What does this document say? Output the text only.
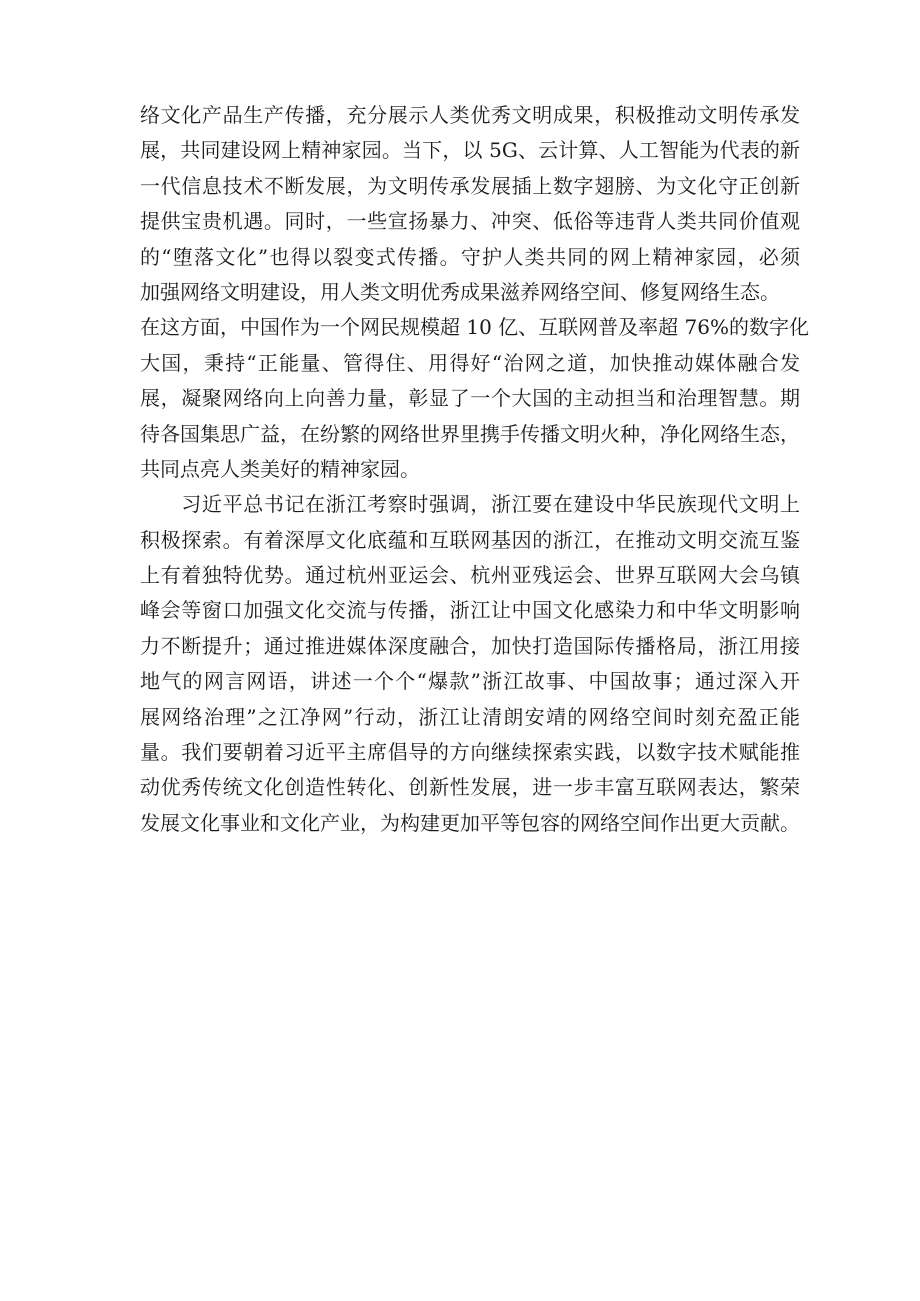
络文化产品生产传播，充分展示人类优秀文明成果，积极推动文明传承发
展，共同建设网上精神家园。当下，以 5G、云计算、人工智能为代表的新
一代信息技术不断发展，为文明传承发展插上数字翅膀、为文化守正创新
提供宝贵机遇。同时，一些宣扬暴力、冲突、低俗等违背人类共同价值观
的“堕落文化”也得以裂变式传播。守护人类共同的网上精神家园，必须
加强网络文明建设，用人类文明优秀成果滋养网络空间、修复网络生态。
在这方面，中国作为一个网民规模超 10 亿、互联网普及率超 76%的数字化
大国，秉持“正能量、管得住、用得好“治网之道，加快推动媒体融合发
展，凝聚网络向上向善力量，彰显了一个大国的主动担当和治理智慧。期
待各国集思广益，在纷繁的网络世界里携手传播文明火种，净化网络生态，
共同点亮人类美好的精神家园。
　　习近平总书记在浙江考察时强调，浙江要在建设中华民族现代文明上
积极探索。有着深厚文化底蕴和互联网基因的浙江，在推动文明交流互鉴
上有着独特优势。通过杭州亚运会、杭州亚残运会、世界互联网大会乌镇
峰会等窗口加强文化交流与传播，浙江让中国文化感染力和中华文明影响
力不断提升；通过推进媒体深度融合，加快打造国际传播格局，浙江用接
地气的网言网语，讲述一个个“爆款”浙江故事、中国故事；通过深入开
展网络治理”之江净网”行动，浙江让清朗安靖的网络空间时刻充盈正能
量。我们要朝着习近平主席倡导的方向继续探索实践，以数字技术赋能推
动优秀传统文化创造性转化、创新性发展，进一步丰富互联网表达，繁荣
发展文化事业和文化产业，为构建更加平等包容的网络空间作出更大贡献。
